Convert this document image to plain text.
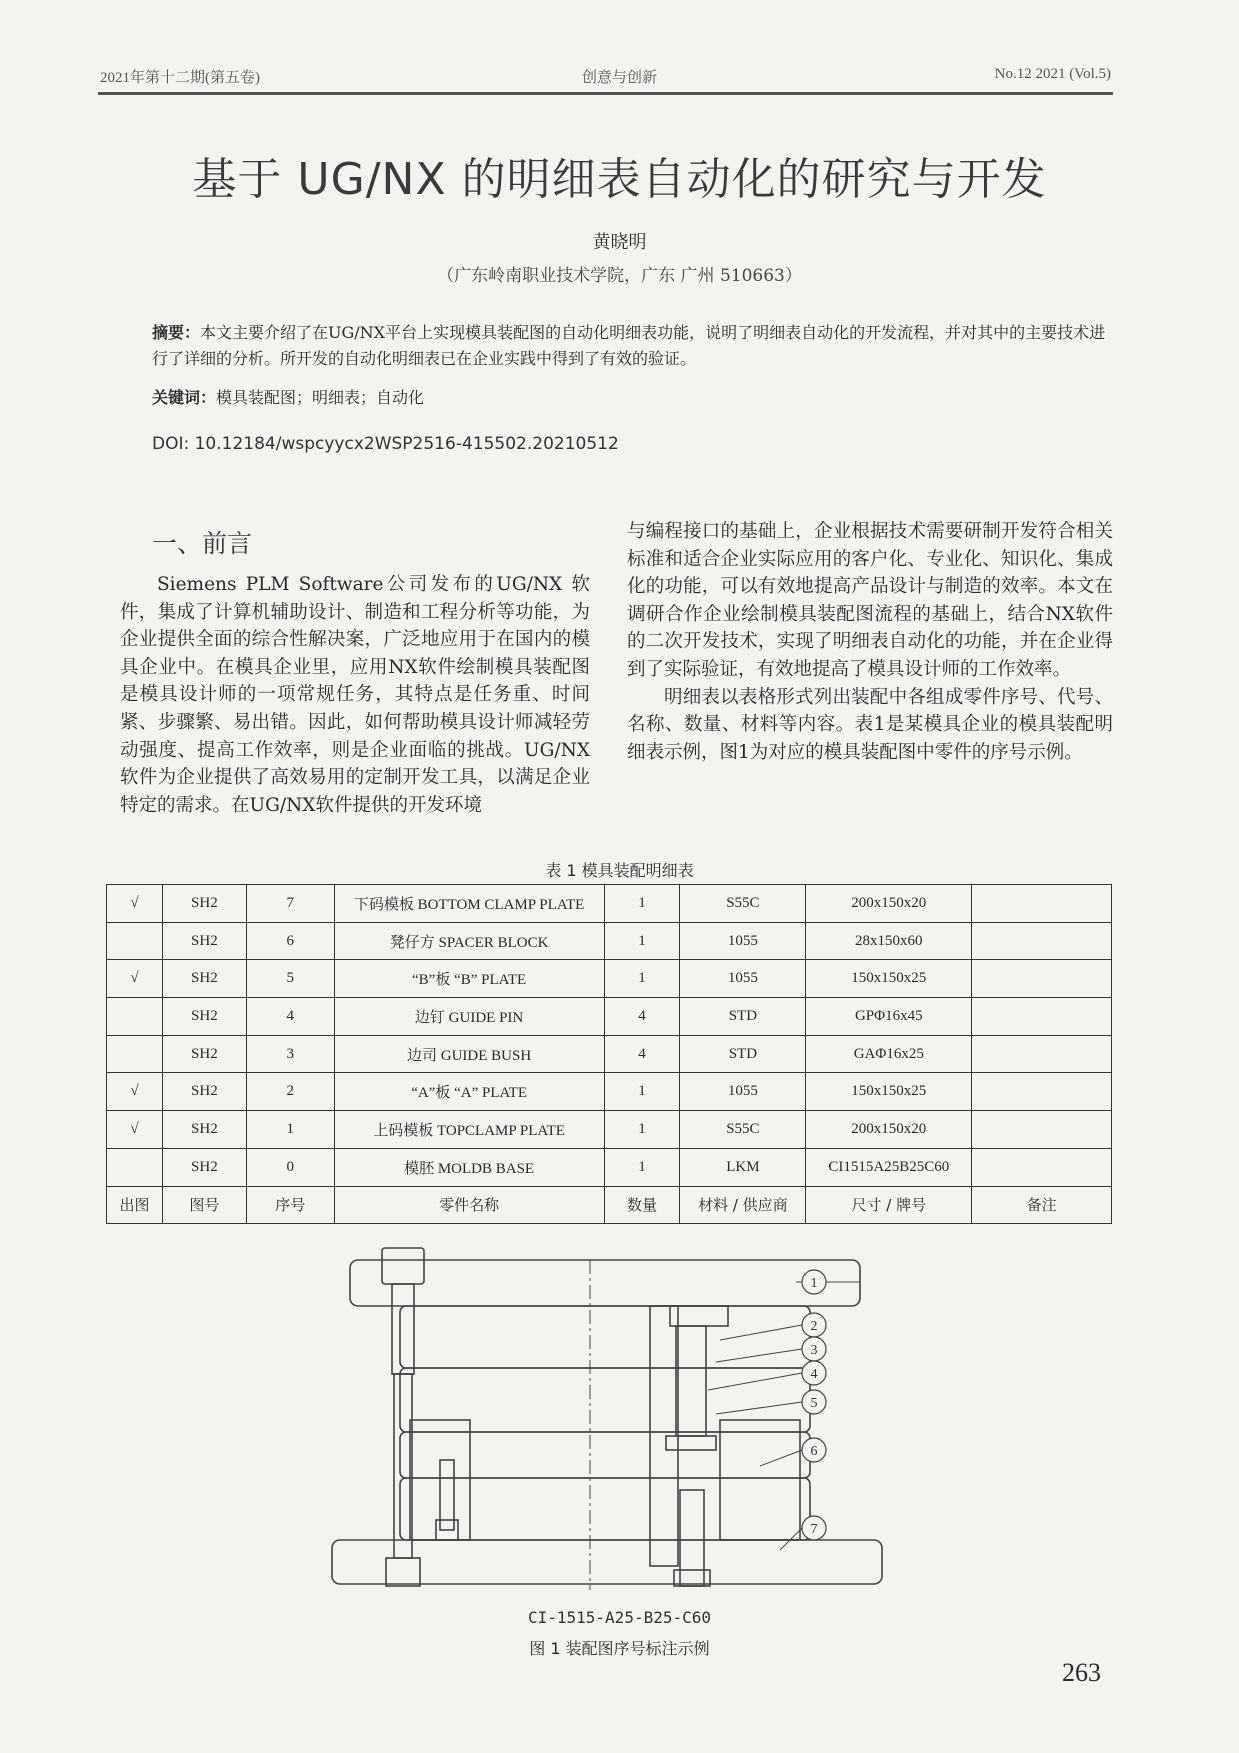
2021年第十二期(第五卷)	创意与创新	No.12 2021 (Vol.5)
基于 UG/NX 的明细表自动化的研究与开发
黄晓明
（广东岭南职业技术学院，广东 广州 510663）
摘要：本文主要介绍了在UG/NX平台上实现模具装配图的自动化明细表功能，说明了明细表自动化的开发流程，并对其中的主要技术进行了详细的分析。所开发的自动化明细表已在企业实践中得到了有效的验证。
关键词：模具装配图；明细表；自动化
DOI: 10.12184/wspcyycx2WSP2516-415502.20210512
一、前言

Siemens PLM Software公司发布的UG/NX 软件，集成了计算机辅助设计、制造和工程分析等功能，为企业提供全面的综合性解决案，广泛地应用于在国内的模具企业中。在模具企业里，应用NX软件绘制模具装配图是模具设计师的一项常规任务，其特点是任务重、时间紧、步骤繁、易出错。因此，如何帮助模具设计师减轻劳动强度、提高工作效率，则是企业面临的挑战。UG/NX软件为企业提供了高效易用的定制开发工具，以满足企业特定的需求。在UG/NX软件提供的开发环境

与编程接口的基础上，企业根据技术需要研制开发符合相关标准和适合企业实际应用的客户化、专业化、知识化、集成化的功能，可以有效地提高产品设计与制造的效率。本文在调研合作企业绘制模具装配图流程的基础上，结合NX软件的二次开发技术，实现了明细表自动化的功能，并在企业得到了实际验证，有效地提高了模具设计师的工作效率。

明细表以表格形式列出装配中各组成零件序号、代号、名称、数量、材料等内容。表1是某模具企业的模具装配明细表示例，图1为对应的模具装配图中零件的序号示例。

表 1 模具装配明细表
√	SH2	7	下码模板 BOTTOM CLAMP PLATE	1	S55C	200x150x20	
	SH2	6	凳仔方 SPACER BLOCK	1	1055	28x150x60	
√	SH2	5	“B”板 “B” PLATE	1	1055	150x150x25	
	SH2	4	边钉 GUIDE PIN	4	STD	GPΦ16x45	
	SH2	3	边司 GUIDE BUSH	4	STD	GAΦ16x25	
√	SH2	2	“A”板 “A” PLATE	1	1055	150x150x25	
√	SH2	1	上码模板 TOPCLAMP PLATE	1	S55C	200x150x20	
	SH2	0	模胚 MOLDB BASE	1	LKM	CI1515A25B25C60	
出图	图号	序号	零件名称	数量	材料 / 供应商	尺寸 / 牌号	备注
1
2
3
4
5
6
7
CI-1515-A25-B25-C60
图 1 装配图序号标注示例
263
